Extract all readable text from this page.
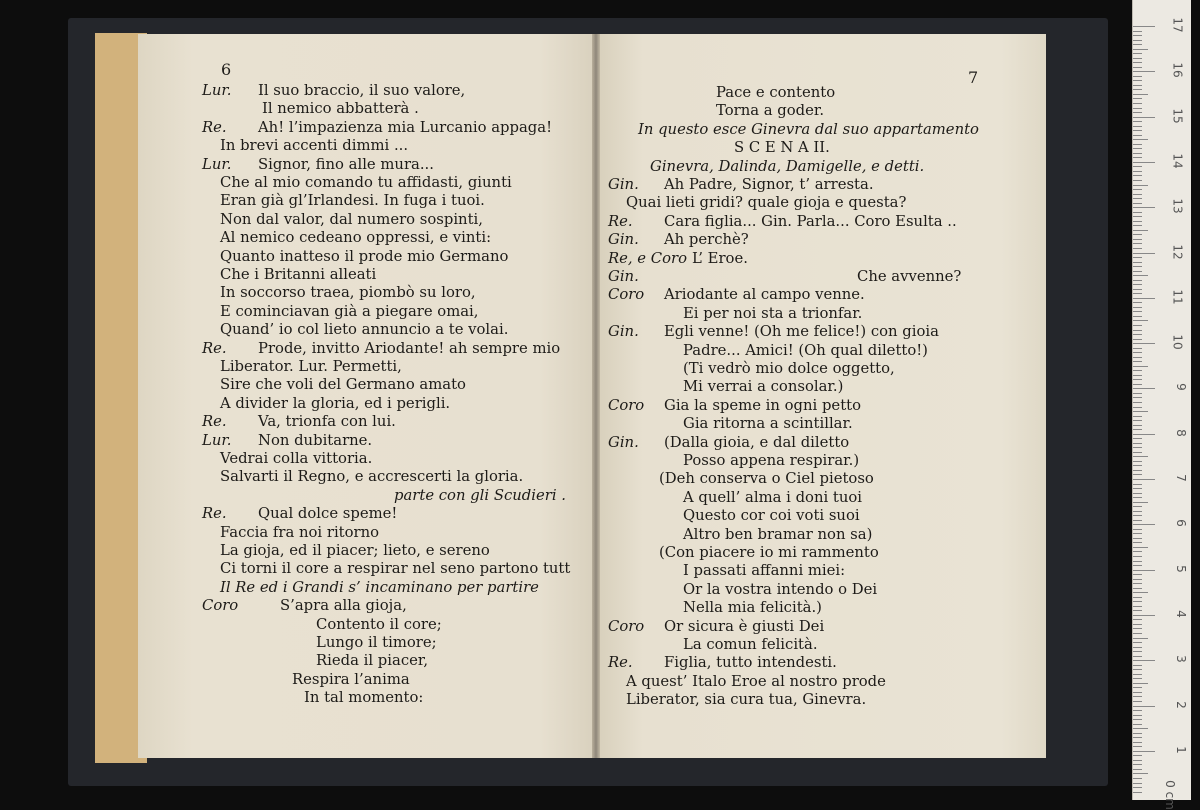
6
Lur. Il suo braccio, il suo valore,
Il nemico abbatterà .
Re. Ah! l’impazienza mia Lurcanio appaga!
In brevi accenti dimmi ...
Lur. Signor, fino alle mura...
Che al mio comando tu affidasti, giunti
Eran già gl’Irlandesi. In fuga i tuoi.
Non dal valor, dal numero sospinti,
Al nemico cedeano oppressi, e vinti:
Quanto inatteso il prode mio Germano
Che i Britanni alleati
In soccorso traea, piombò su loro,
E cominciavan già a piegare omai,
Quand’ io col lieto annuncio a te volai.
Re. Prode, invitto Ariodante! ah sempre mio
Liberator. Lur. Permetti,
Sire che voli del Germano amato
A divider la gloria, ed i perigli.
Re. Va, trionfa con lui.
Lur. Non dubitarne.
Vedrai colla vittoria.
Salvarti il Regno, e accrescerti la gloria.
parte con gli Scudieri .
Re. Qual dolce speme!
Faccia fra noi ritorno
La gioja, ed il piacer; lieto, e sereno
Ci torni il core a respirar nel seno partono tutt
Il Re ed i Grandi s’ incaminano per partire
Coro	S’apra alla gioja,
Contento il core;
Lungo il timore;
Rieda il piacer,
Respira l’anima
In tal momento:
7
Pace e contento
Torna a goder.
In questo esce Ginevra dal suo appartamento
S C E N A II.
Ginevra, Dalinda, Damigelle, e detti.
Gin. Ah Padre, Signor, t’ arresta.
Quai lieti gridi? quale gioja e questa?
Re. Cara figlia... Gin. Parla... Coro Esulta ..
Gin. Ah perchè?
Re, e Coro L’ Eroe.
Gin.	Che avvenne?
Coro Ariodante al campo venne.
Ei per noi sta a trionfar.
Gin. Egli venne! (Oh me felice!) con gioia
Padre... Amici! (Oh qual diletto!)
(Ti vedrò mio dolce oggetto,
Mi verrai a consolar.)
Coro Gia la speme in ogni petto
Gia ritorna a scintillar.
Gin. (Dalla gioia, e dal diletto
Posso appena respirar.)
(Deh conserva o Ciel pietoso
A quell’ alma i doni tuoi
Questo cor coi voti suoi
Altro ben bramar non sa)
(Con piacere io mi rammento
I passati affanni miei:
Or la vostra intendo o Dei
Nella mia felicità.)
Coro Or sicura è giusti Dei
La comun felicità.
Re. Figlia, tutto intendesti.
A quest’ Italo Eroe al nostro prode
Liberator, sia cura tua, Ginevra.
17
16
15
14
13
12
11
10
9
8
7
6
5
4
3
2
1
0 cm
